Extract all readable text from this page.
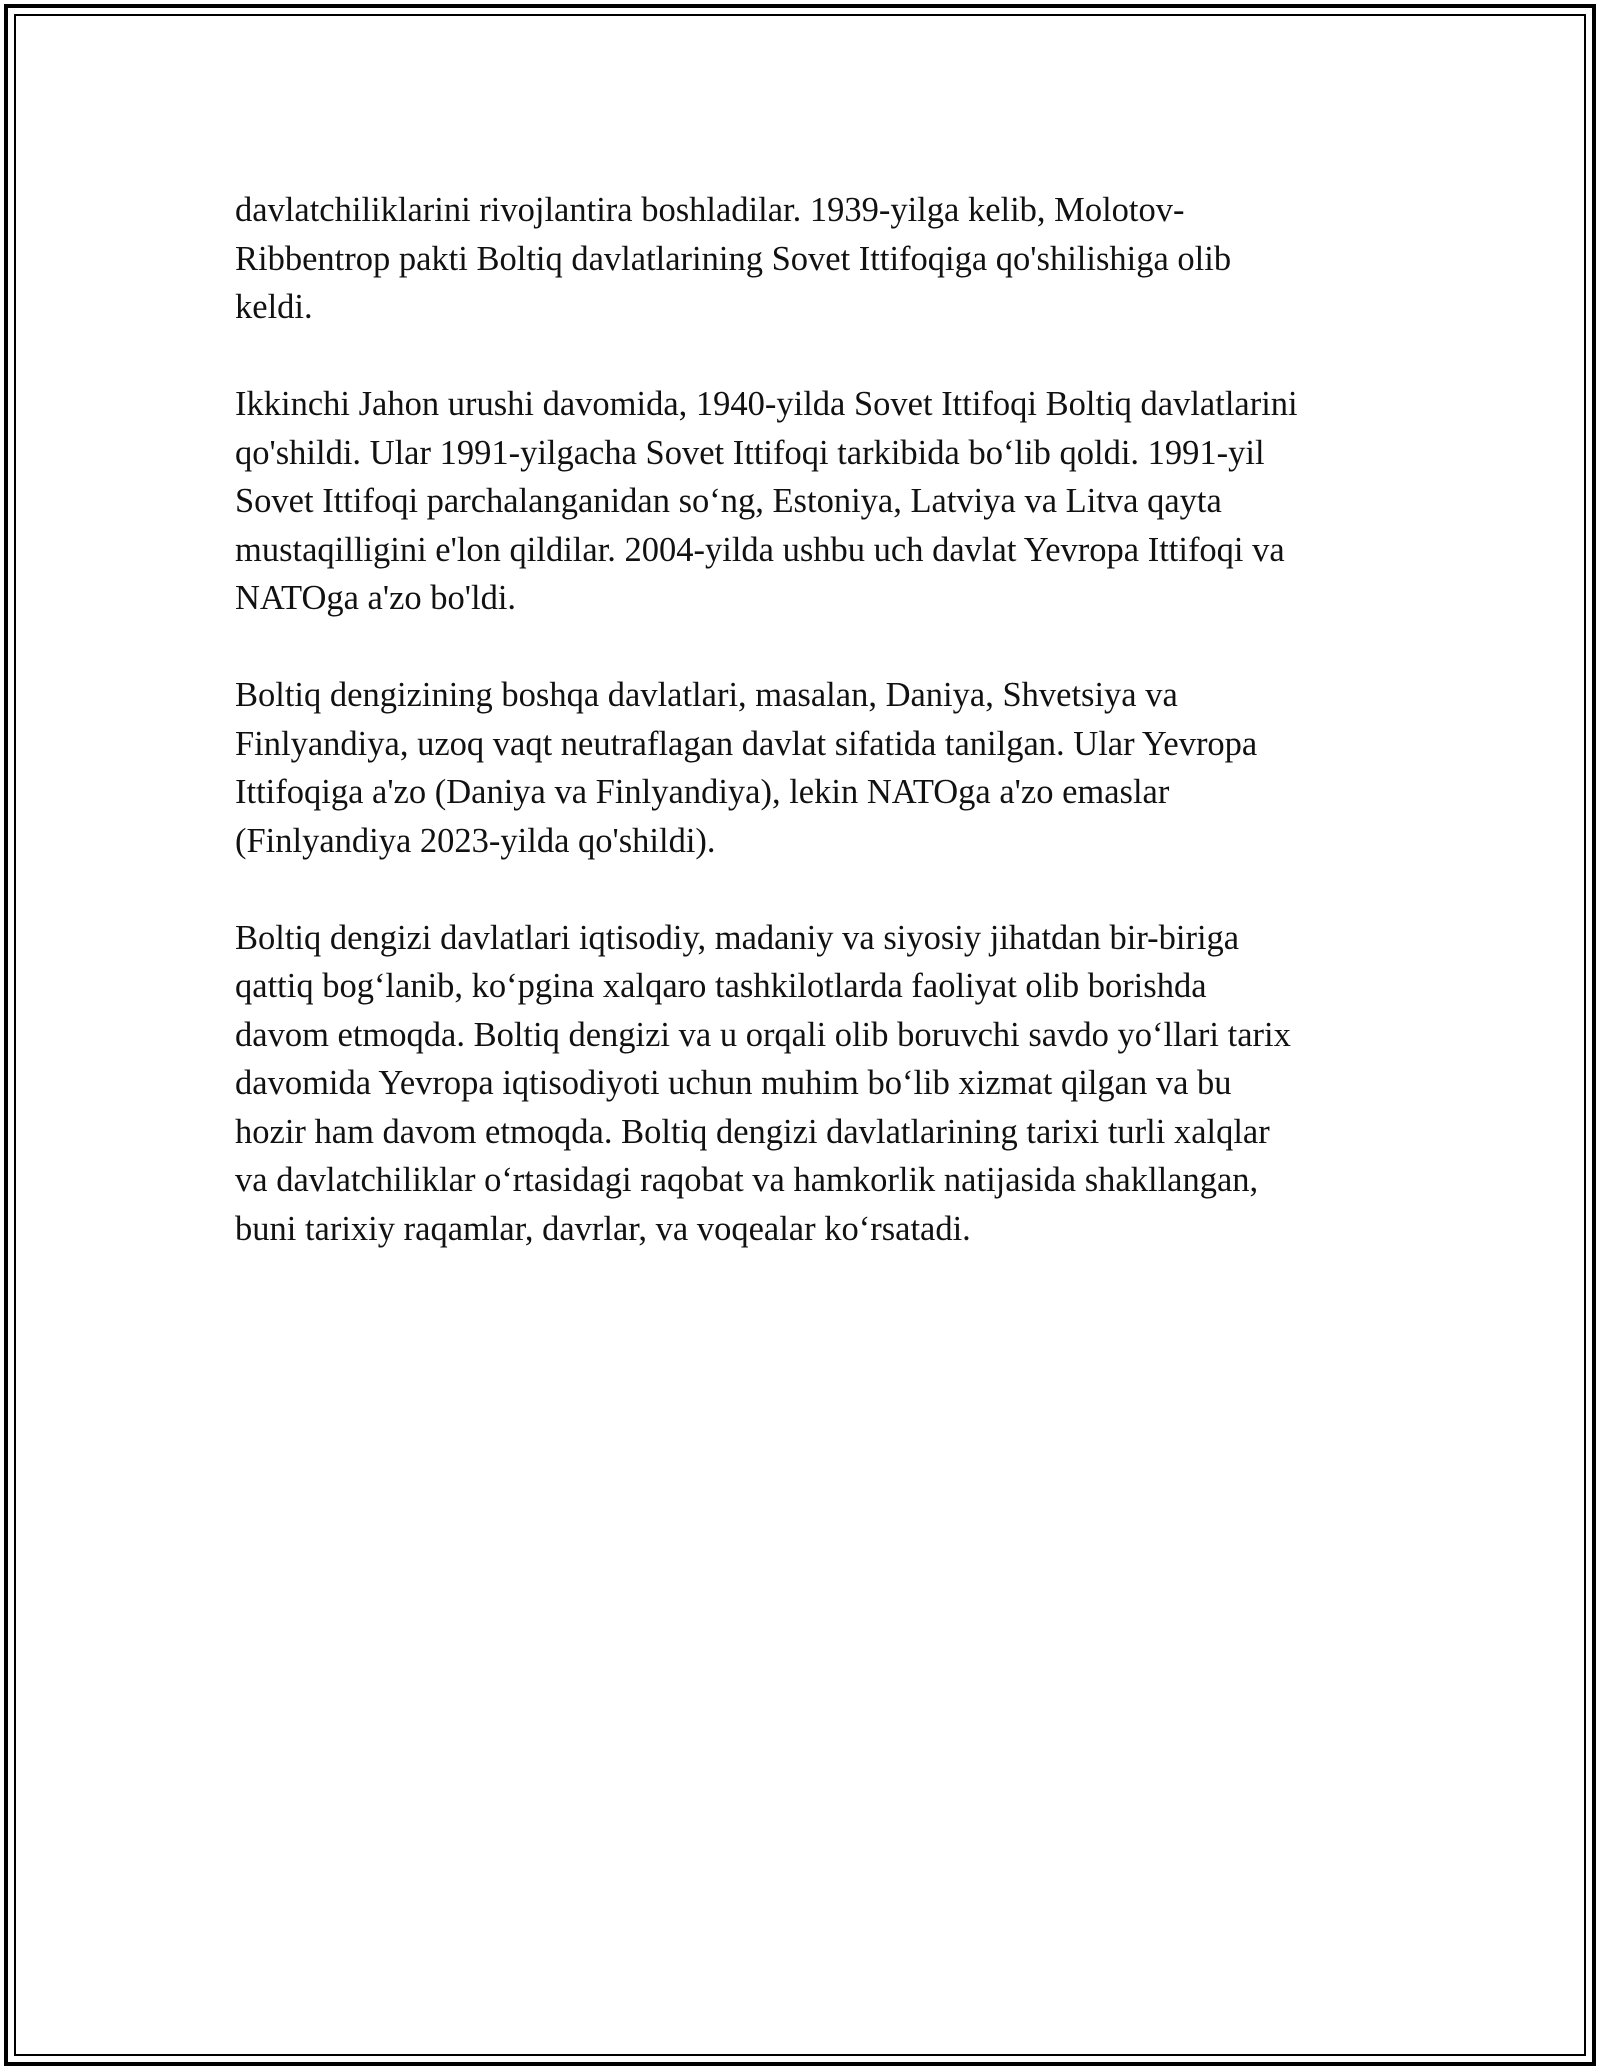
davlatchiliklarini rivojlantira boshladilar. 1939-yilga kelib, Molotov-
Ribbentrop pakti Boltiq davlatlarining Sovet Ittifoqiga qo'shilishiga olib
keldi.

Ikkinchi Jahon urushi davomida, 1940-yilda Sovet Ittifoqi Boltiq davlatlarini
qo'shildi. Ular 1991-yilgacha Sovet Ittifoqi tarkibida bo‘lib qoldi. 1991-yil
Sovet Ittifoqi parchalanganidan so‘ng, Estoniya, Latviya va Litva qayta
mustaqilligini e'lon qildilar. 2004-yilda ushbu uch davlat Yevropa Ittifoqi va
NATOga a'zo bo'ldi.

Boltiq dengizining boshqa davlatlari, masalan, Daniya, Shvetsiya va
Finlyandiya, uzoq vaqt neutraflagan davlat sifatida tanilgan. Ular Yevropa
Ittifoqiga a'zo (Daniya va Finlyandiya), lekin NATOga a'zo emaslar
(Finlyandiya 2023-yilda qo'shildi).

Boltiq dengizi davlatlari iqtisodiy, madaniy va siyosiy jihatdan bir-biriga
qattiq bog‘lanib, ko‘pgina xalqaro tashkilotlarda faoliyat olib borishda
davom etmoqda. Boltiq dengizi va u orqali olib boruvchi savdo yo‘llari tarix
davomida Yevropa iqtisodiyoti uchun muhim bo‘lib xizmat qilgan va bu
hozir ham davom etmoqda. Boltiq dengizi davlatlarining tarixi turli xalqlar
va davlatchiliklar o‘rtasidagi raqobat va hamkorlik natijasida shakllangan,
buni tarixiy raqamlar, davrlar, va voqealar ko‘rsatadi.
